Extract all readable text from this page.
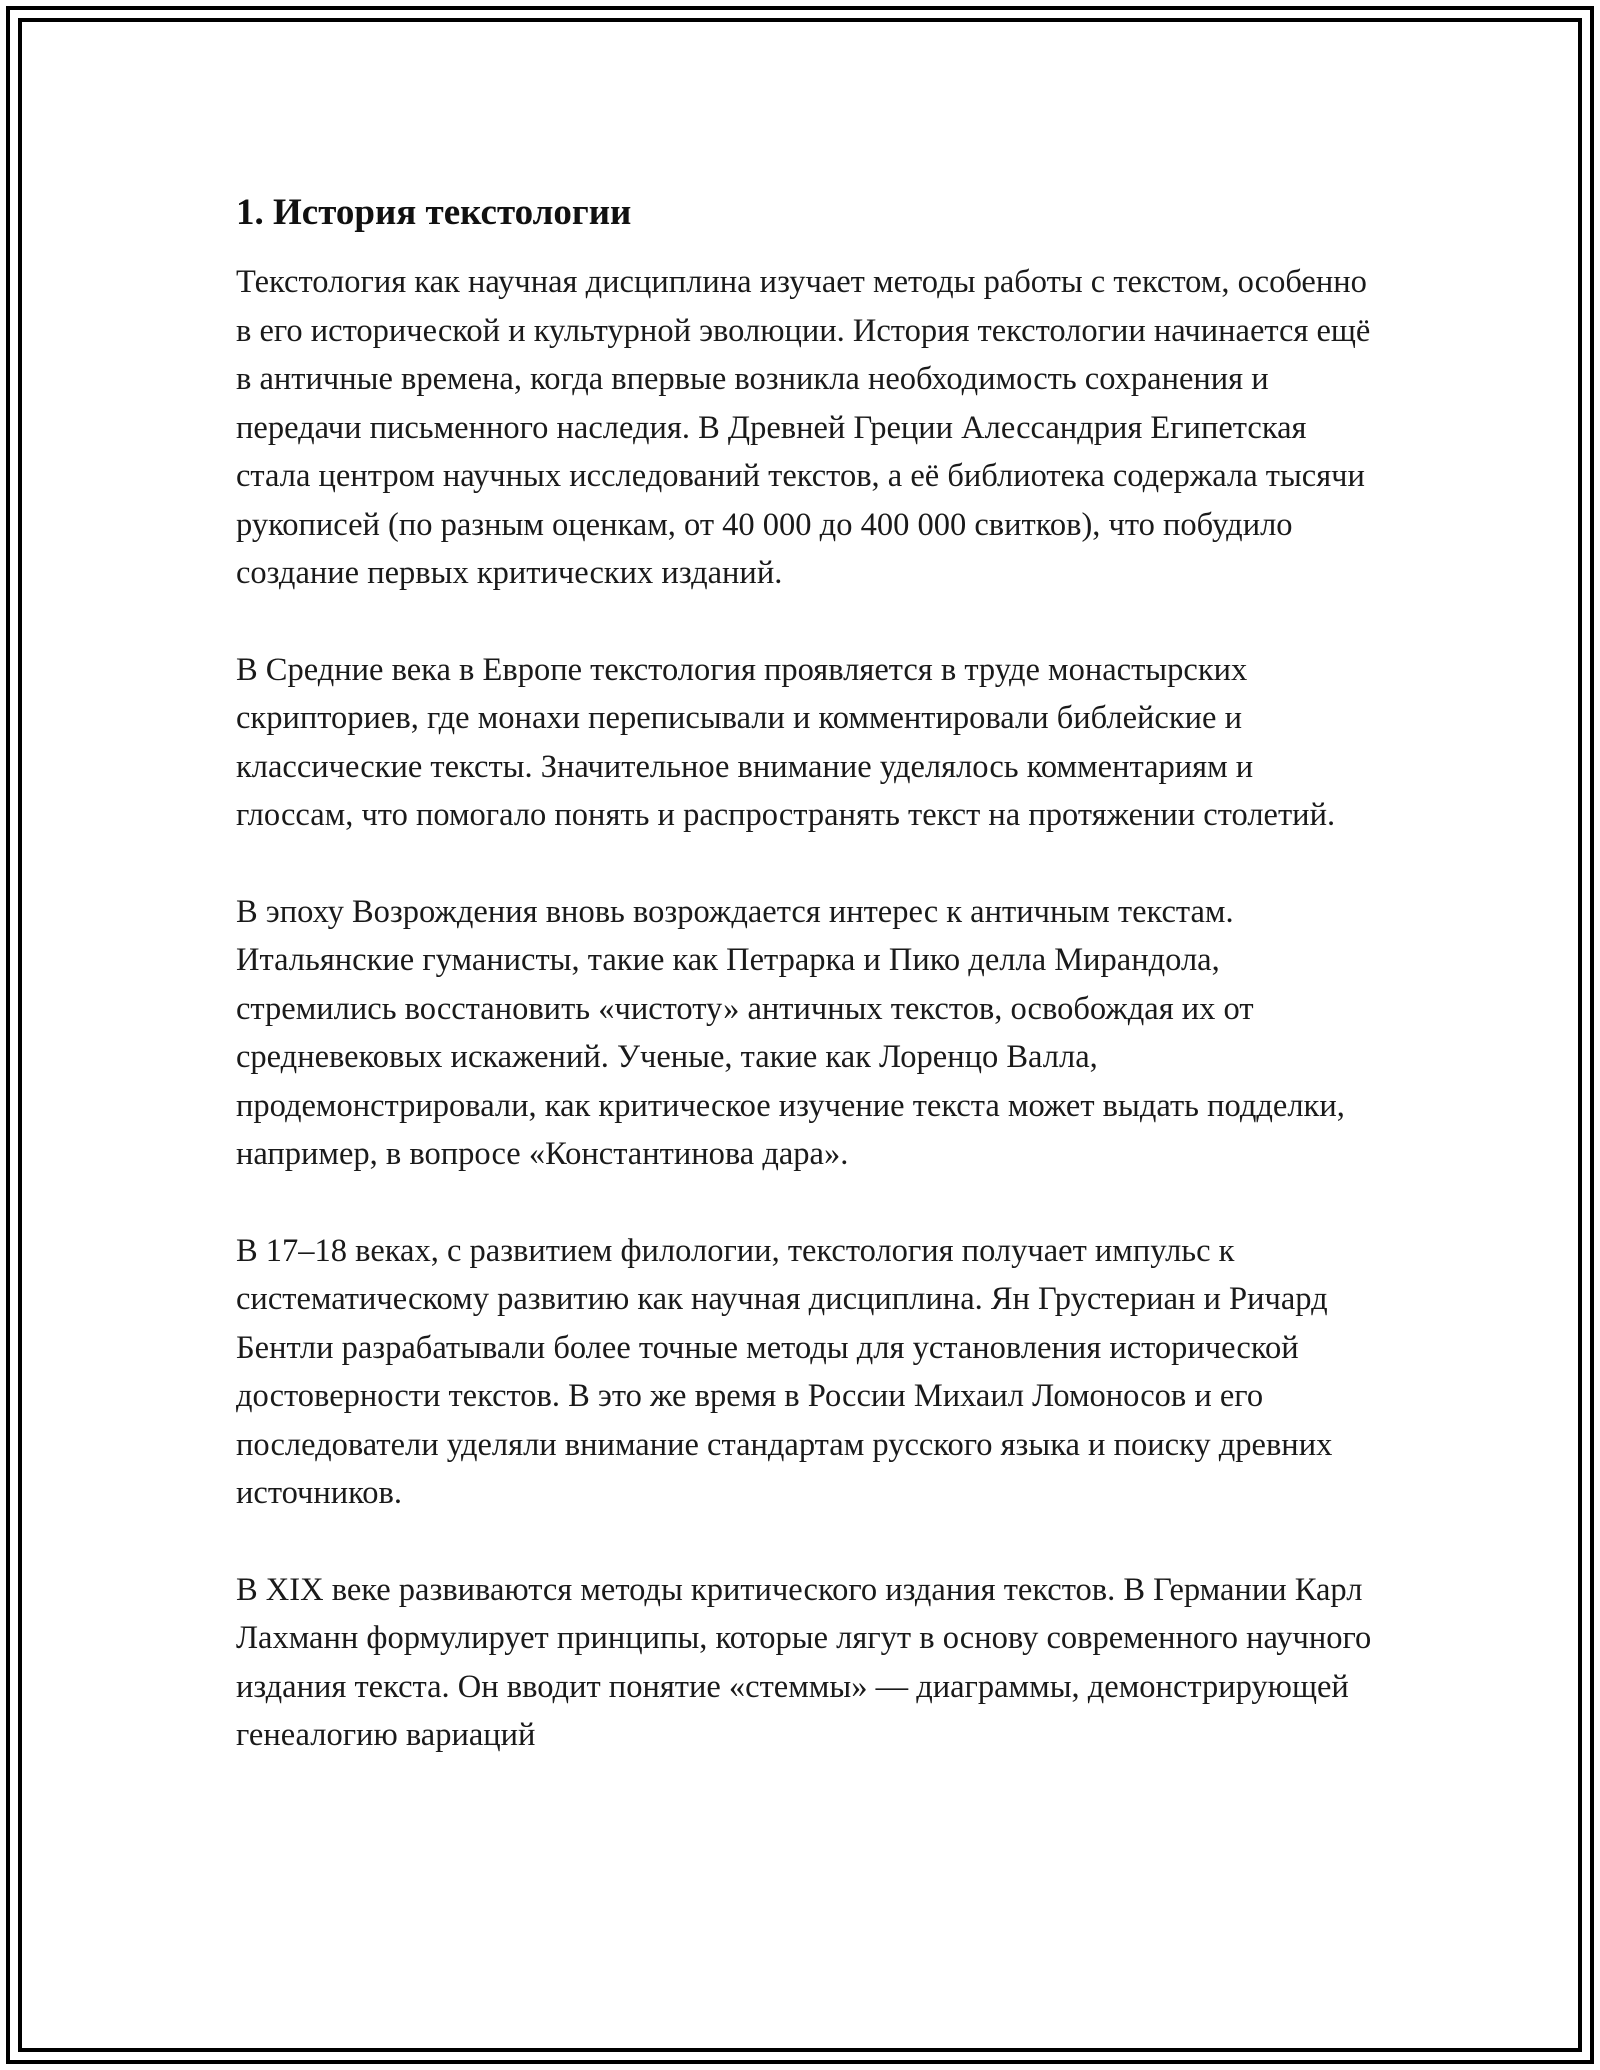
1. История текстологии

Текстология как научная дисциплина изучает методы работы с текстом, особенно в его исторической и культурной эволюции. История текстологии начинается ещё в античные времена, когда впервые возникла необходимость сохранения и передачи письменного наследия. В Древней Греции Алессандрия Египетская стала центром научных исследований текстов, а её библиотека содержала тысячи рукописей (по разным оценкам, от 40 000 до 400 000 свитков), что побудило создание первых критических изданий.

В Средние века в Европе текстология проявляется в труде монастырских скрипториев, где монахи переписывали и комментировали библейские и классические тексты. Значительное внимание уделялось комментариям и глоссам, что помогало понять и распространять текст на протяжении столетий.

В эпоху Возрождения вновь возрождается интерес к античным текстам. Итальянские гуманисты, такие как Петрарка и Пико делла Мирандола, стремились восстановить «чистоту» античных текстов, освобождая их от средневековых искажений. Ученые, такие как Лоренцо Валла, продемонстрировали, как критическое изучение текста может выдать подделки, например, в вопросе «Константинова дара».

В 17–18 веках, с развитием филологии, текстология получает импульс к систематическому развитию как научная дисциплина. Ян Грустериан и Ричард Бентли разрабатывали более точные методы для установления исторической достоверности текстов. В это же время в России Михаил Ломоносов и его последователи уделяли внимание стандартам русского языка и поиску древних источников.

В XIX веке развиваются методы критического издания текстов. В Германии Карл Лахманн формулирует принципы, которые лягут в основу современного научного издания текста. Он вводит понятие «стеммы» — диаграммы, демонстрирующей генеалогию вариаций
